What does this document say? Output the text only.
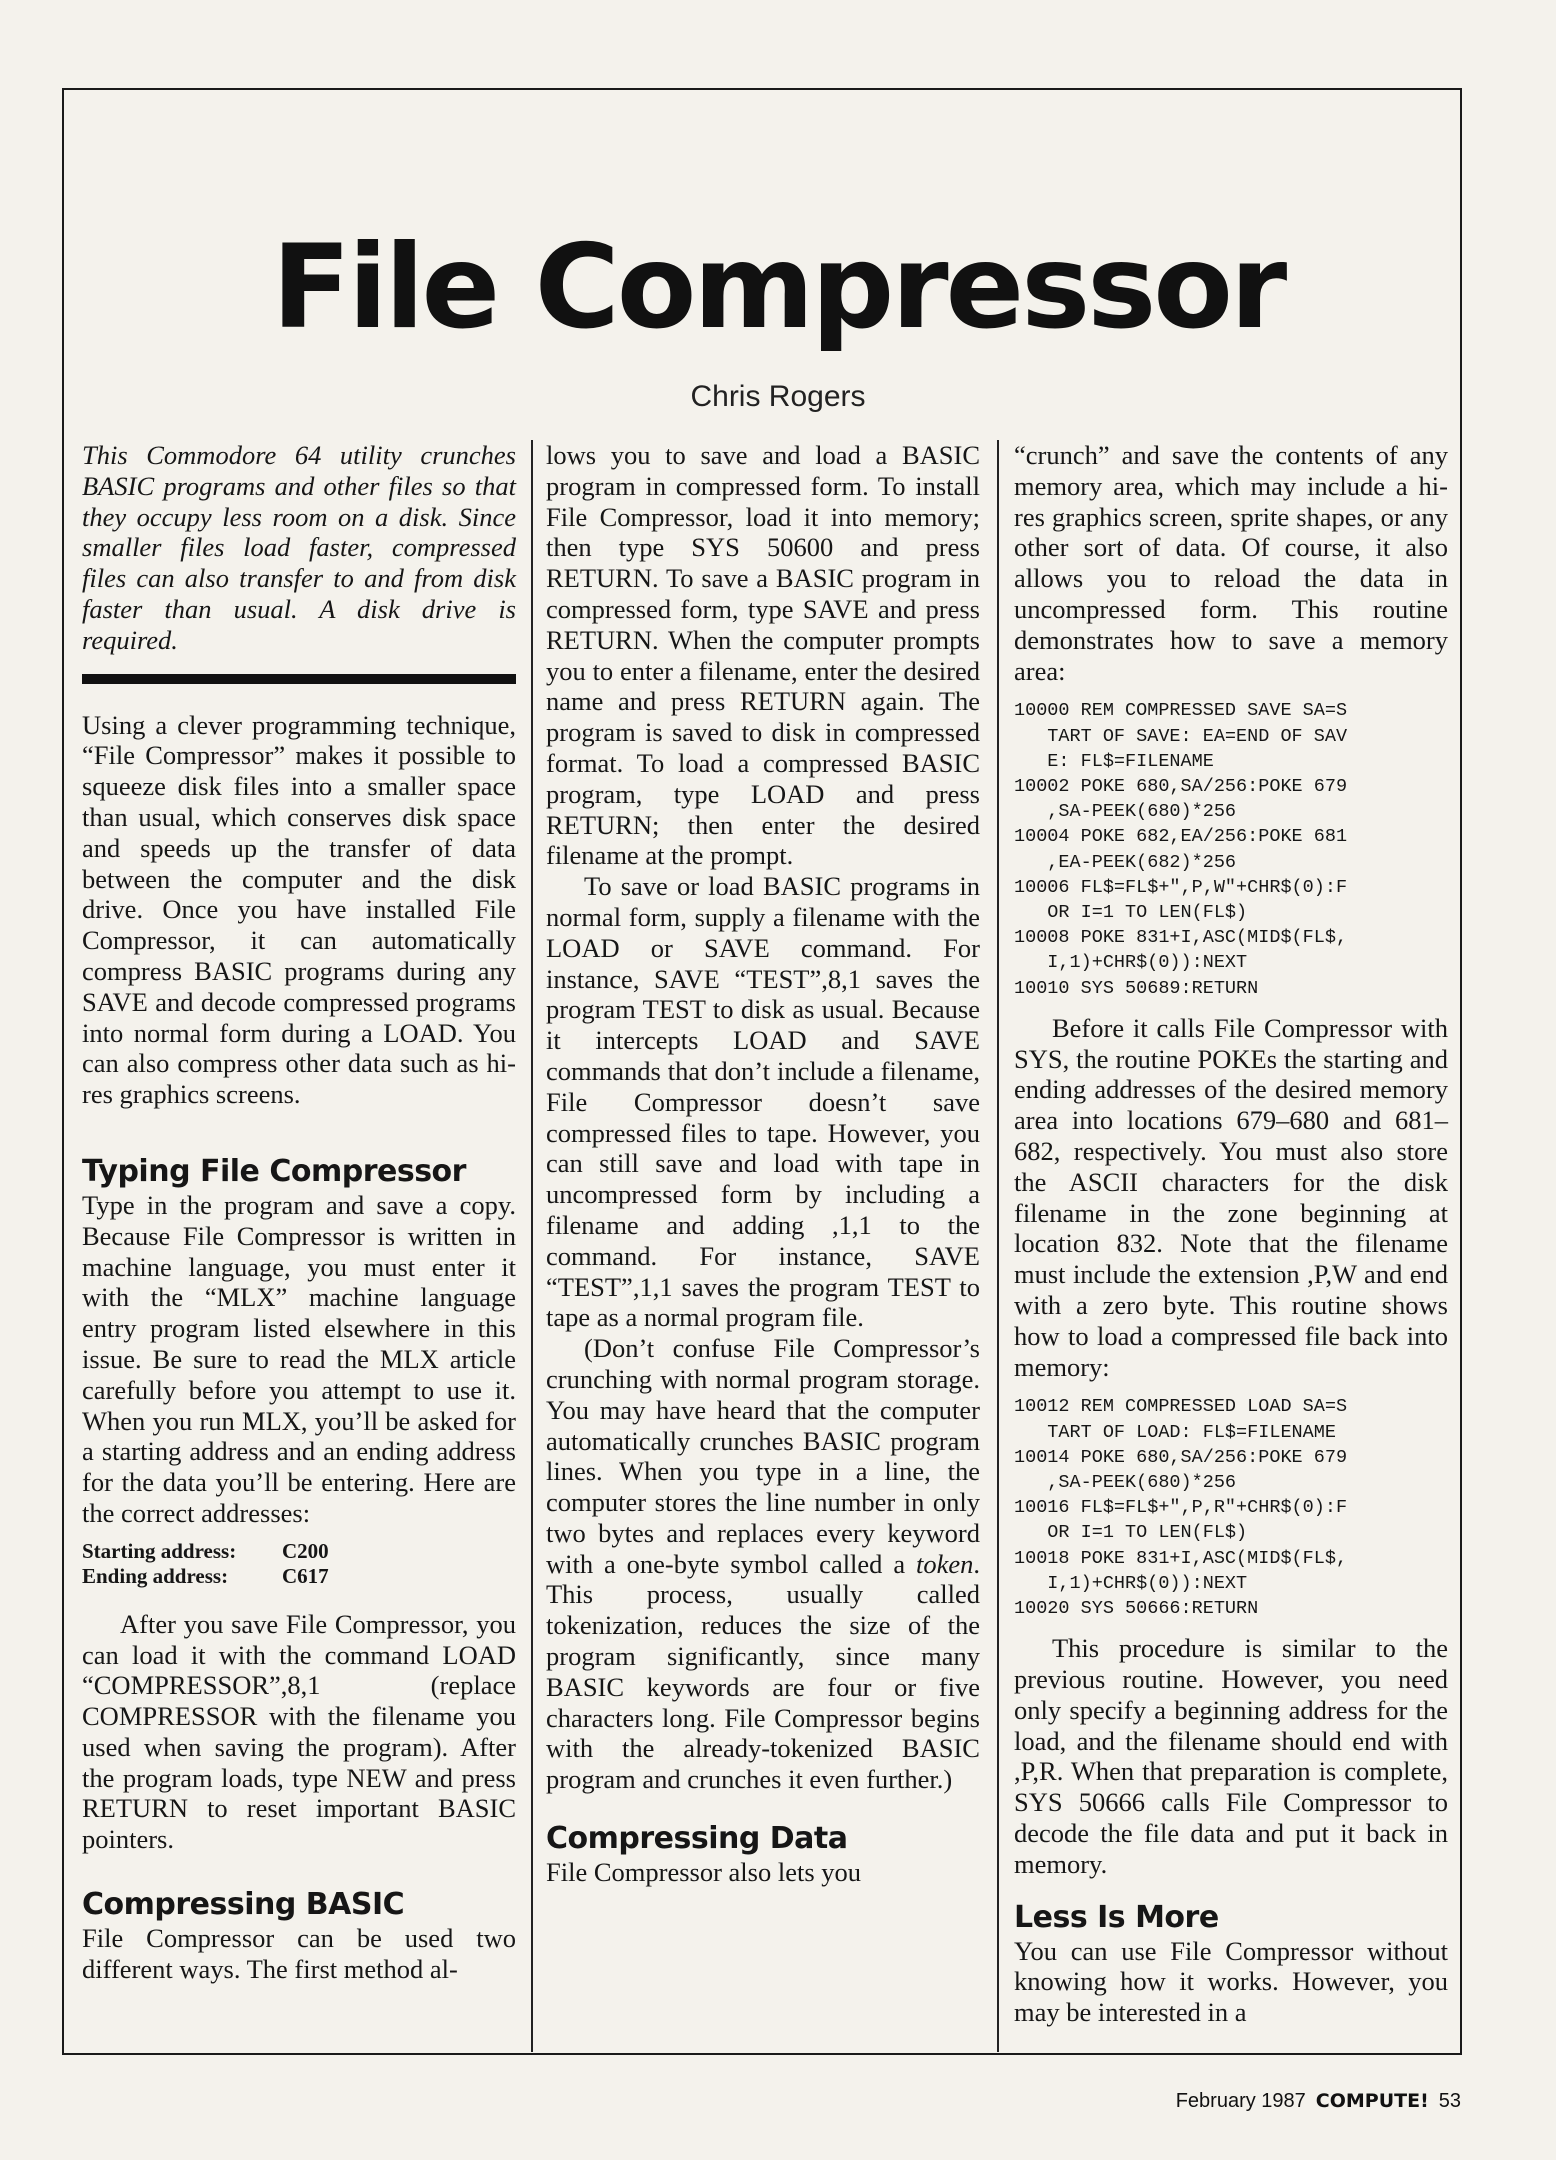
File Compressor
Chris Rogers

This Commodore 64 utility crunches BASIC programs and other files so that they occupy less room on a disk. Since smaller files load faster, compressed files can also transfer to and from disk faster than usual. A disk drive is required.

Using a clever programming technique, “File Compressor” makes it possible to squeeze disk files into a smaller space than usual, which conserves disk space and speeds up the transfer of data between the computer and the disk drive. Once you have installed File Compressor, it can automatically compress BASIC programs during any SAVE and decode compressed programs into normal form during a LOAD. You can also compress other data such as hi-res graphics screens.

Typing File Compressor

Type in the program and save a copy. Because File Compressor is written in machine language, you must enter it with the “MLX” machine language entry program listed elsewhere in this issue. Be sure to read the MLX article carefully before you attempt to use it. When you run MLX, you’ll be asked for a starting address and an ending address for the data you’ll be entering. Here are the correct addresses:

Starting address:	C200
Ending address:	C617

After you save File Compressor, you can load it with the command LOAD “COMPRESSOR”,8,1 (replace COMPRESSOR with the filename you used when saving the program). After the program loads, type NEW and press RETURN to reset important BASIC pointers.

Compressing BASIC

File Compressor can be used two different ways. The first method al-

lows you to save and load a BASIC program in compressed form. To install File Compressor, load it into memory; then type SYS 50600 and press RETURN. To save a BASIC program in compressed form, type SAVE and press RETURN. When the computer prompts you to enter a filename, enter the desired name and press RETURN again. The program is saved to disk in compressed format. To load a compressed BASIC program, type LOAD and press RETURN; then enter the desired filename at the prompt.

To save or load BASIC programs in normal form, supply a filename with the LOAD or SAVE command. For instance, SAVE “TEST”,8,1 saves the program TEST to disk as usual. Because it intercepts LOAD and SAVE commands that don’t include a filename, File Compressor doesn’t save compressed files to tape. However, you can still save and load with tape in uncompressed form by including a filename and adding ,1,1 to the command. For instance, SAVE “TEST”,1,1 saves the program TEST to tape as a normal program file.

(Don’t confuse File Compressor’s crunching with normal program storage. You may have heard that the computer automatically crunches BASIC program lines. When you type in a line, the computer stores the line number in only two bytes and replaces every keyword with a one-byte symbol called a token. This process, usually called tokenization, reduces the size of the program significantly, since many BASIC keywords are four or five characters long. File Compressor begins with the already-tokenized BASIC program and crunches it even further.)

Compressing Data

File Compressor also lets you

“crunch” and save the contents of any memory area, which may include a hi-res graphics screen, sprite shapes, or any other sort of data. Of course, it also allows you to reload the data in uncompressed form. This routine demonstrates how to save a memory area:

10000 REM COMPRESSED SAVE SA=S
TART OF SAVE: EA=END OF SAV
E: FL$=FILENAME
10002 POKE 680,SA/256:POKE 679
,SA-PEEK(680)*256
10004 POKE 682,EA/256:POKE 681
,EA-PEEK(682)*256
10006 FL$=FL$+",P,W"+CHR$(0):F
OR I=1 TO LEN(FL$)
10008 POKE 831+I,ASC(MID$(FL$,
I,1)+CHR$(0)):NEXT
10010 SYS 50689:RETURN

Before it calls File Compressor with SYS, the routine POKEs the starting and ending addresses of the desired memory area into locations 679–680 and 681–682, respectively. You must also store the ASCII characters for the disk filename in the zone beginning at location 832. Note that the filename must include the extension ,P,W and end with a zero byte. This routine shows how to load a compressed file back into memory:

10012 REM COMPRESSED LOAD SA=S
TART OF LOAD: FL$=FILENAME
10014 POKE 680,SA/256:POKE 679
,SA-PEEK(680)*256
10016 FL$=FL$+",P,R"+CHR$(0):F
OR I=1 TO LEN(FL$)
10018 POKE 831+I,ASC(MID$(FL$,
I,1)+CHR$(0)):NEXT
10020 SYS 50666:RETURN

This procedure is similar to the previous routine. However, you need only specify a beginning address for the load, and the filename should end with ,P,R. When that preparation is complete, SYS 50666 calls File Compressor to decode the file data and put it back in memory.

Less Is More

You can use File Compressor without knowing how it works. However, you may be interested in a

February 1987 COMPUTE! 53
